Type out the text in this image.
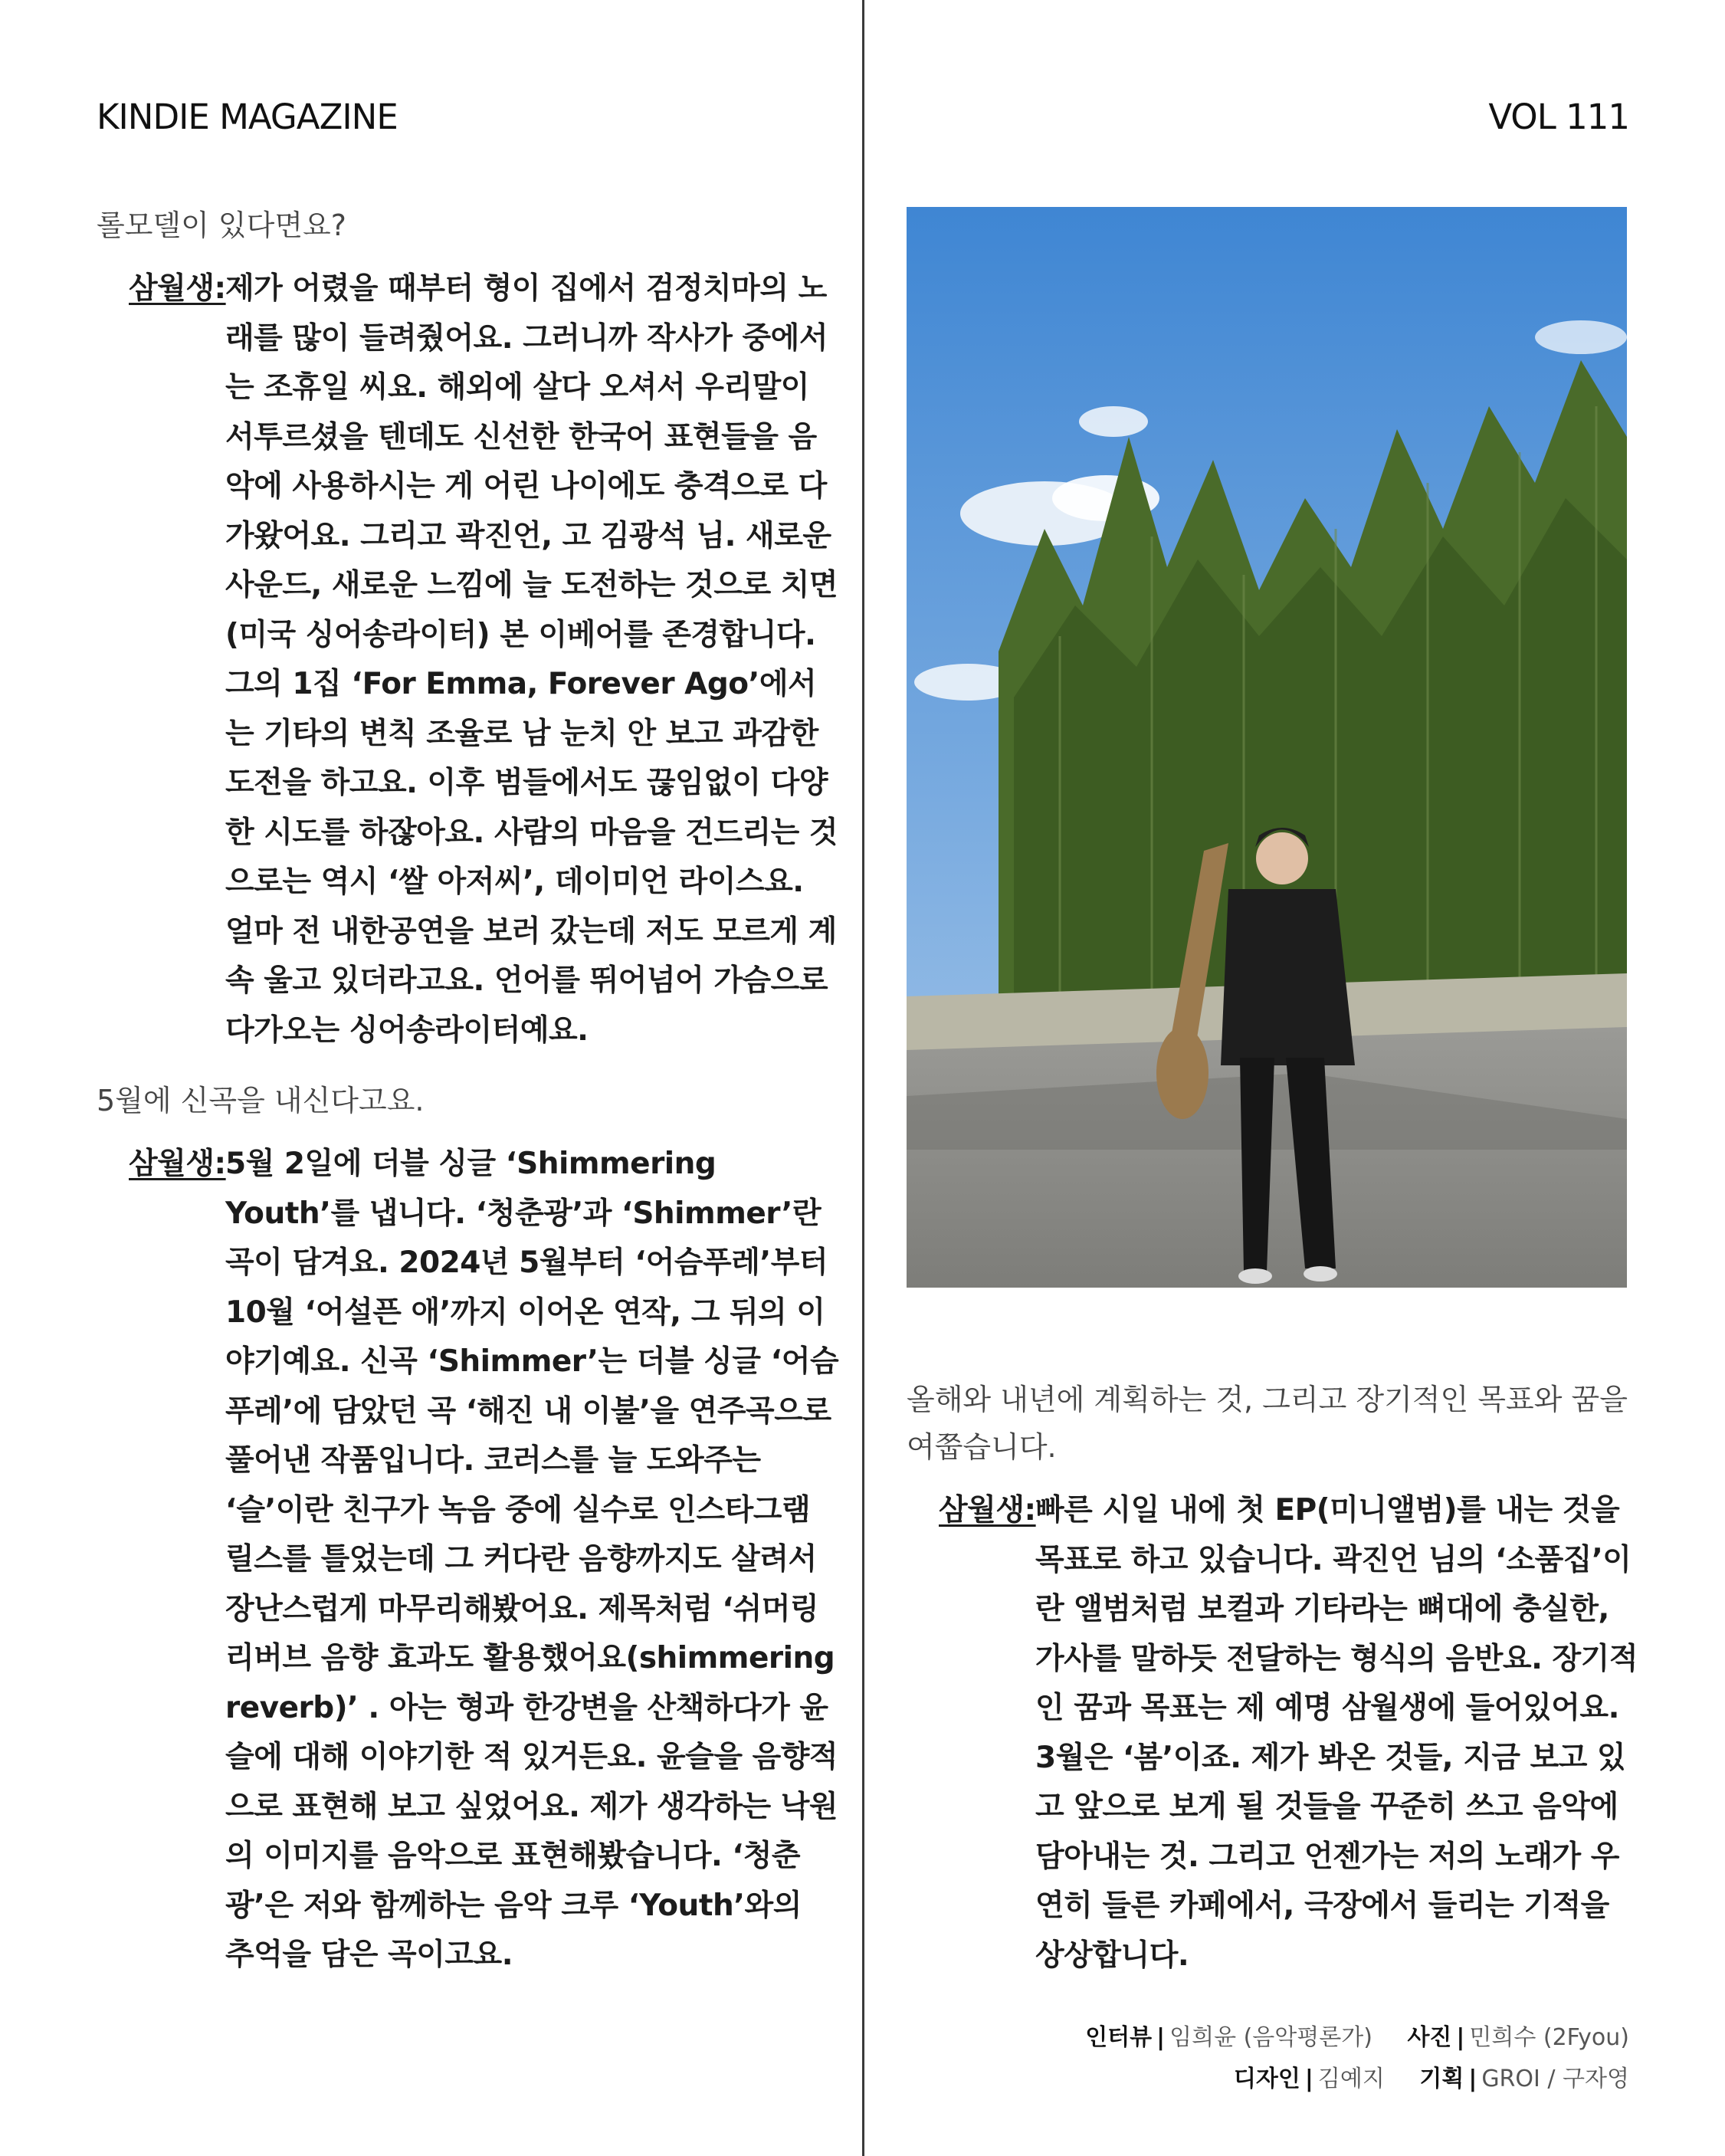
KINDIE MAGAZINE	VOL 111

롤모델이 있다면요?

삼월생: 제가 어렸을 때부터 형이 집에서 검정치마의 노래를 많이 들려줬어요. 그러니까 작사가 중에서는 조휴일 씨요. 해외에 살다 오셔서 우리말이 서투르셨을 텐데도 신선한 한국어 표현들을 음악에 사용하시는 게 어린 나이에도 충격으로 다가왔어요. 그리고 곽진언, 고 김광석 님. 새로운 사운드, 새로운 느낌에 늘 도전하는 것으로 치면 (미국 싱어송라이터) 본 이베어를 존경합니다. 그의 1집 ‘For Emma, Forever Ago’에서는 기타의 변칙 조율로 남 눈치 안 보고 과감한 도전을 하고요. 이후 범들에서도 끊임없이 다양한 시도를 하잖아요. 사람의 마음을 건드리는 것으로는 역시 ‘쌀 아저씨’, 데이미언 라이스요. 얼마 전 내한공연을 보러 갔는데 저도 모르게 계속 울고 있더라고요. 언어를 뛰어넘어 가슴으로 다가오는 싱어송라이터예요.

5월에 신곡을 내신다고요.

삼월생: 5월 2일에 더블 싱글 ‘Shimmering Youth’를 냅니다. ‘청춘광’과 ‘Shimmer’란 곡이 담겨요. 2024년 5월부터 ‘어슴푸레’부터 10월 ‘어설픈 애’까지 이어온 연작, 그 뒤의 이야기예요. 신곡 ‘Shimmer’는 더블 싱글 ‘어슴푸레’에 담았던 곡 ‘해진 내 이불’을 연주곡으로 풀어낸 작품입니다. 코러스를 늘 도와주는 ‘슬’이란 친구가 녹음 중에 실수로 인스타그램 릴스를 틀었는데 그 커다란 음향까지도 살려서 장난스럽게 마무리해봤어요. 제목처럼 ‘쉬머링 리버브 음향 효과도 활용했어요(shimmering reverb)’ . 아는 형과 한강변을 산책하다가 윤슬에 대해 이야기한 적 있거든요. 윤슬을 음향적으로 표현해 보고 싶었어요. 제가 생각하는 낙원의 이미지를 음악으로 표현해봤습니다. ‘청춘광’은 저와 함께하는 음악 크루 ‘Youth’와의 추억을 담은 곡이고요.

올해와 내년에 계획하는 것, 그리고 장기적인 목표와 꿈을 여쭙습니다.

삼월생: 빠른 시일 내에 첫 EP(미니앨범)를 내는 것을 목표로 하고 있습니다. 곽진언 님의 ‘소품집’이란 앨범처럼 보컬과 기타라는 뼈대에 충실한, 가사를 말하듯 전달하는 형식의 음반요. 장기적인 꿈과 목표는 제 예명 삼월생에 들어있어요. 3월은 ‘봄’이죠. 제가 봐온 것들, 지금 보고 있고 앞으로 보게 될 것들을 꾸준히 쓰고 음악에 담아내는 것. 그리고 언젠가는 저의 노래가 우연히 들른 카페에서, 극장에서 들리는 기적을 상상합니다.

인터뷰 | 임희윤 (음악평론가) 사진 | 민희수 (2Fyou)
디자인 | 김예지 기획 | GROI / 구자영
